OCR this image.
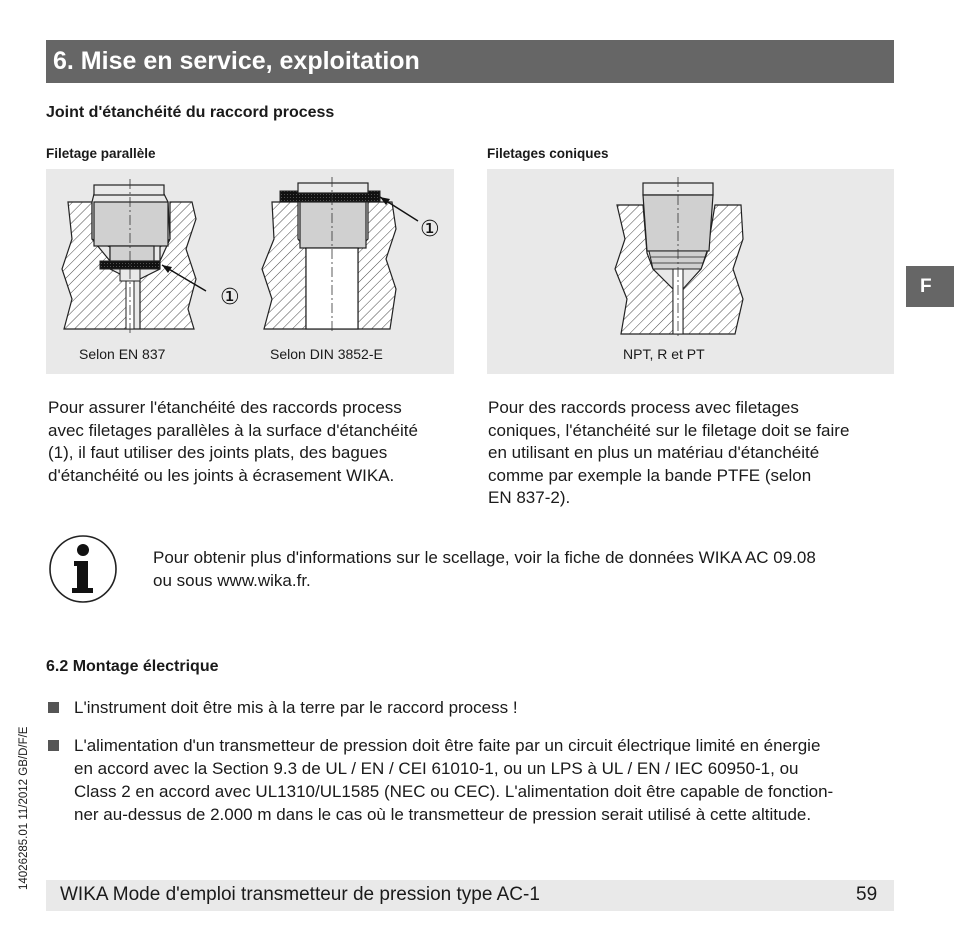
6. Mise en service, exploitation
Joint d'étanchéité du raccord process
Filetage parallèle	Filetages coniques
①
①
Selon EN 837	Selon DIN 3852-E	NPT, R et PT
Pour assurer l'étanchéité des raccords process
avec filetages parallèles à la surface d'étanchéité
(1), il faut utiliser des joints plats, des bagues
d'étanchéité ou les joints à écrasement WIKA.
Pour des raccords process avec filetages
coniques, l'étanchéité sur le filetage doit se faire
en utilisant en plus un matériau d'étanchéité
comme par exemple la bande PTFE (selon
EN 837-2).
Pour obtenir plus d'informations sur le scellage, voir la fiche de données WIKA AC 09.08
ou sous www.wika.fr.
6.2 Montage électrique
L'instrument doit être mis à la terre par le raccord process !
L'alimentation d'un transmetteur de pression doit être faite par un circuit électrique limité en énergie
en accord avec la Section 9.3 de UL / EN / CEI 61010-1, ou un LPS à UL / EN / IEC 60950-1, ou
Class 2 en accord avec UL1310/UL1585 (NEC ou CEC). L'alimentation doit être capable de fonction-
ner au-dessus de 2.000 m dans le cas où le transmetteur de pression serait utilisé à cette altitude.
F
14026285.01 11/2012 GB/D/F/E
WIKA Mode d'emploi transmetteur de pression type AC-1	59
